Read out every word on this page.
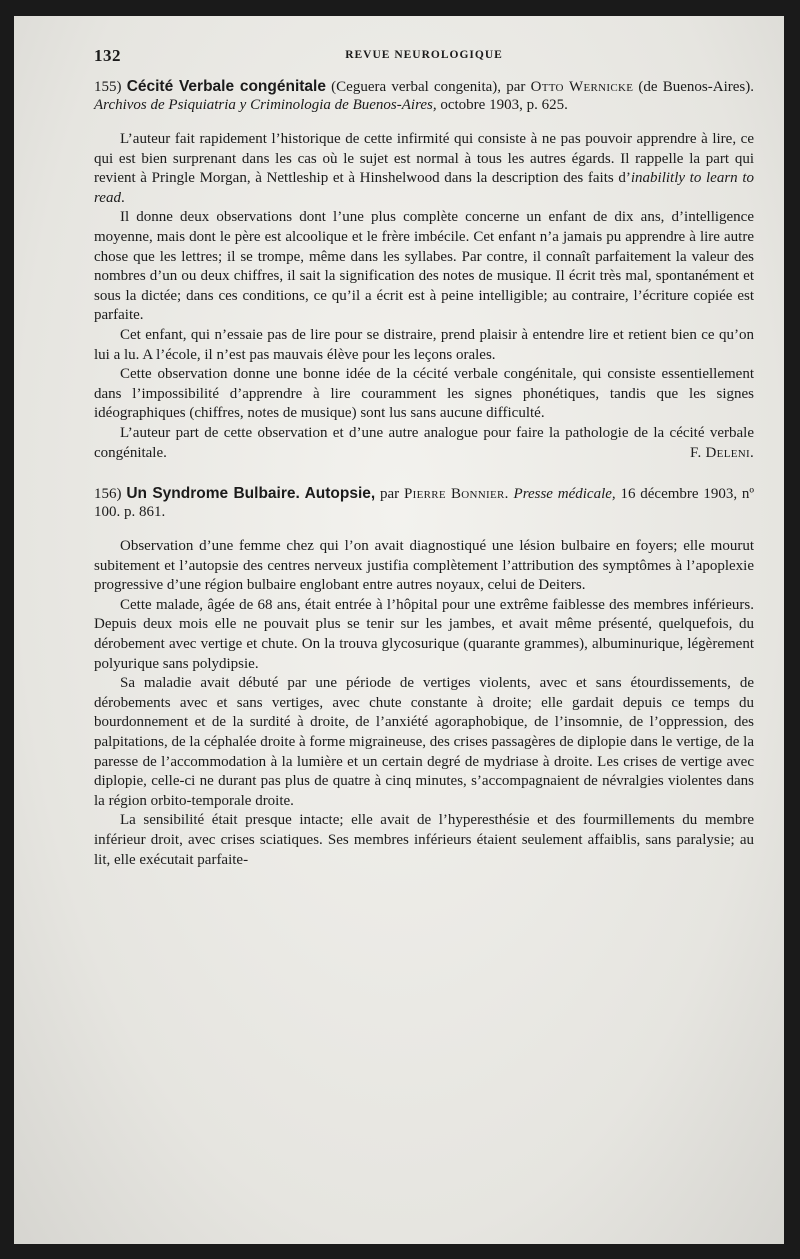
132	REVUE NEUROLOGIQUE
155) Cécité Verbale congénitale (Ceguera verbal congenita), par Otto Wernicke (de Buenos-Aires). Archivos de Psiquiatria y Criminologia de Buenos-Aires, octobre 1903, p. 625.

L’auteur fait rapidement l’historique de cette infirmité qui consiste à ne pas pouvoir apprendre à lire, ce qui est bien surprenant dans les cas où le sujet est normal à tous les autres égards. Il rappelle la part qui revient à Pringle Morgan, à Nettleship et à Hinshelwood dans la description des faits d’inabilitly to learn to read.

Il donne deux observations dont l’une plus complète concerne un enfant de dix ans, d’intelligence moyenne, mais dont le père est alcoolique et le frère imbécile. Cet enfant n’a jamais pu apprendre à lire autre chose que les lettres; il se trompe, même dans les syllabes. Par contre, il connaît parfaitement la valeur des nombres d’un ou deux chiffres, il sait la signification des notes de musique. Il écrit très mal, spontanément et sous la dictée; dans ces conditions, ce qu’il a écrit est à peine intelligible; au contraire, l’écriture copiée est parfaite.

Cet enfant, qui n’essaie pas de lire pour se distraire, prend plaisir à entendre lire et retient bien ce qu’on lui a lu. A l’école, il n’est pas mauvais élève pour les leçons orales.

Cette observation donne une bonne idée de la cécité verbale congénitale, qui consiste essentiellement dans l’impossibilité d’apprendre à lire couramment les signes phonétiques, tandis que les signes idéographiques (chiffres, notes de musique) sont lus sans aucune difficulté.

L’auteur part de cette observation et d’une autre analogue pour faire la pathologie de la cécité verbale congénitale.	F. Deleni.

156) Un Syndrome Bulbaire. Autopsie, par Pierre Bonnier. Presse médicale, 16 décembre 1903, nº 100. p. 861.

Observation d’une femme chez qui l’on avait diagnostiqué une lésion bulbaire en foyers; elle mourut subitement et l’autopsie des centres nerveux justifia complètement l’attribution des symptômes à l’apoplexie progressive d’une région bulbaire englobant entre autres noyaux, celui de Deiters.

Cette malade, âgée de 68 ans, était entrée à l’hôpital pour une extrême faiblesse des membres inférieurs. Depuis deux mois elle ne pouvait plus se tenir sur les jambes, et avait même présenté, quelquefois, du dérobement avec vertige et chute. On la trouva glycosurique (quarante grammes), albuminurique, légèrement polyurique sans polydipsie.

Sa maladie avait débuté par une période de vertiges violents, avec et sans étourdissements, de dérobements avec et sans vertiges, avec chute constante à droite; elle gardait depuis ce temps du bourdonnement et de la surdité à droite, de l’anxiété agoraphobique, de l’insomnie, de l’oppression, des palpitations, de la céphalée droite à forme migraineuse, des crises passagères de diplopie dans le vertige, de la paresse de l’accommodation à la lumière et un certain degré de mydriase à droite. Les crises de vertige avec diplopie, celle-ci ne durant pas plus de quatre à cinq minutes, s’accompagnaient de névralgies violentes dans la région orbito-temporale droite.

La sensibilité était presque intacte; elle avait de l’hyperesthésie et des fourmillements du membre inférieur droit, avec crises sciatiques. Ses membres inférieurs étaient seulement affaiblis, sans paralysie; au lit, elle exécutait parfaite-
